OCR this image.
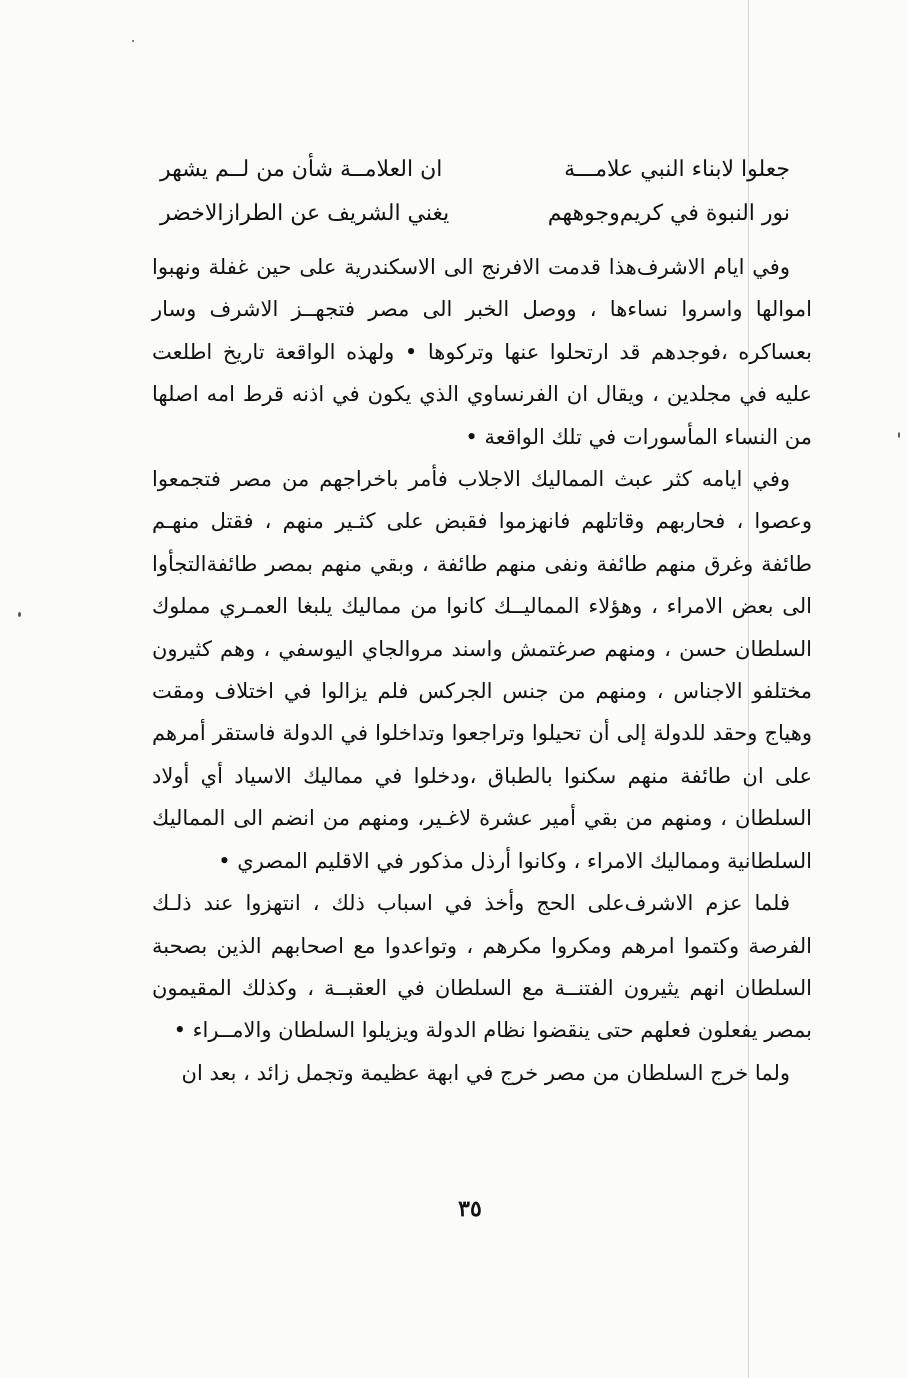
جعلوا لابناء النبي علامـــة
ان العلامــة شأن من لــم يشهر
نور النبوة في كريم‌وجوههم
يغني الشريف عن الطرازالاخضر

وفي ايام الاشرف‌هذا قدمت الافرنج الى الاسكندرية على حين غفلة ونهبوا اموالها واسروا نساءها ، ووصل الخبر الى مصر فتجهــز الاشرف وسار بعساكره ،فوجدهم قد ارتحلوا عنها وتركوها • ولهذه الواقعة تاريخ اطلعت عليه في مجلدين ، ويقال ان الفرنساوي الذي يكون في اذنه قرط امه اصلها من النساء المأسورات في تلك الواقعة •

وفي ايامه كثر عبث المماليك الاجلاب فأمر باخراجهم من مصر فتجمعوا وعصوا ، فحاربهم وقاتلهم فانهزموا فقبض على كثـير منهم ، فقتل منهـم طائفة وغرق منهم طائفة ونفى منهم طائفة ، وبقي منهم بمصر طائفةالتجأوا الى بعض الامراء ، وهؤلاء المماليــك كانوا من مماليك يلبغا العمـري مملوك السلطان حسن ، ومنهم صرغتمش واسند مروالجاي اليوسفي ، وهم كثيرون مختلفو الاجناس ، ومنهم من جنس الجركس فلم يزالوا في اختلاف ومقت وهياج وحقد للدولة إلى أن تحيلوا وتراجعوا وتداخلوا في الدولة فاستقر أمرهم على ان طائفة منهم سكنوا بالطباق ،ودخلوا في مماليك الاسياد أي أولاد السلطان ، ومنهم من بقي أمير عشرة لاغـير، ومنهم من انضم الى المماليك السلطانية ومماليك الامراء ، وكانوا أرذل مذكور في الاقليم المصري •

فلما عزم الاشرف‌على الحج وأخذ في اسباب ذلك ، انتهزوا عند ذلـك الفرصة وكتموا امرهم ومكروا مكرهم ، وتواعدوا مع اصحابهم الذين بصحبة السلطان انهم يثيرون الفتنــة مع السلطان في العقبــة ، وكذلك المقيمون بمصر يفعلون فعلهم حتى ينقضوا نظام الدولة ويزيلوا السلطان والامــراء •

ولما خرج السلطان من مصر خرج في ابهة عظيمة وتجمل زائد ، بعد ان

٣٥
